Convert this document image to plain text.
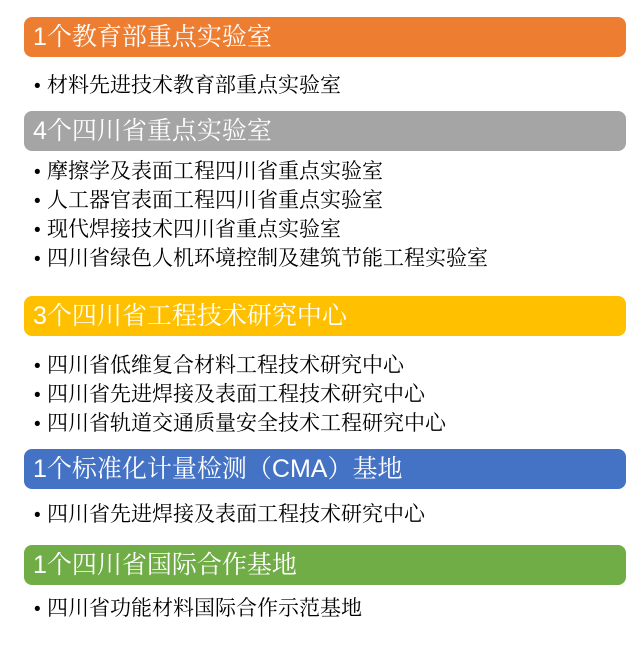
1个教育部重点实验室
• 材料先进技术教育部重点实验室
4个四川省重点实验室
• 摩擦学及表面工程四川省重点实验室
• 人工器官表面工程四川省重点实验室
• 现代焊接技术四川省重点实验室
• 四川省绿色人机环境控制及建筑节能工程实验室
3个四川省工程技术研究中心
• 四川省低维复合材料工程技术研究中心
• 四川省先进焊接及表面工程技术研究中心
• 四川省轨道交通质量安全技术工程研究中心
1个标准化计量检测（CMA）基地
• 四川省先进焊接及表面工程技术研究中心
1个四川省国际合作基地
• 四川省功能材料国际合作示范基地
